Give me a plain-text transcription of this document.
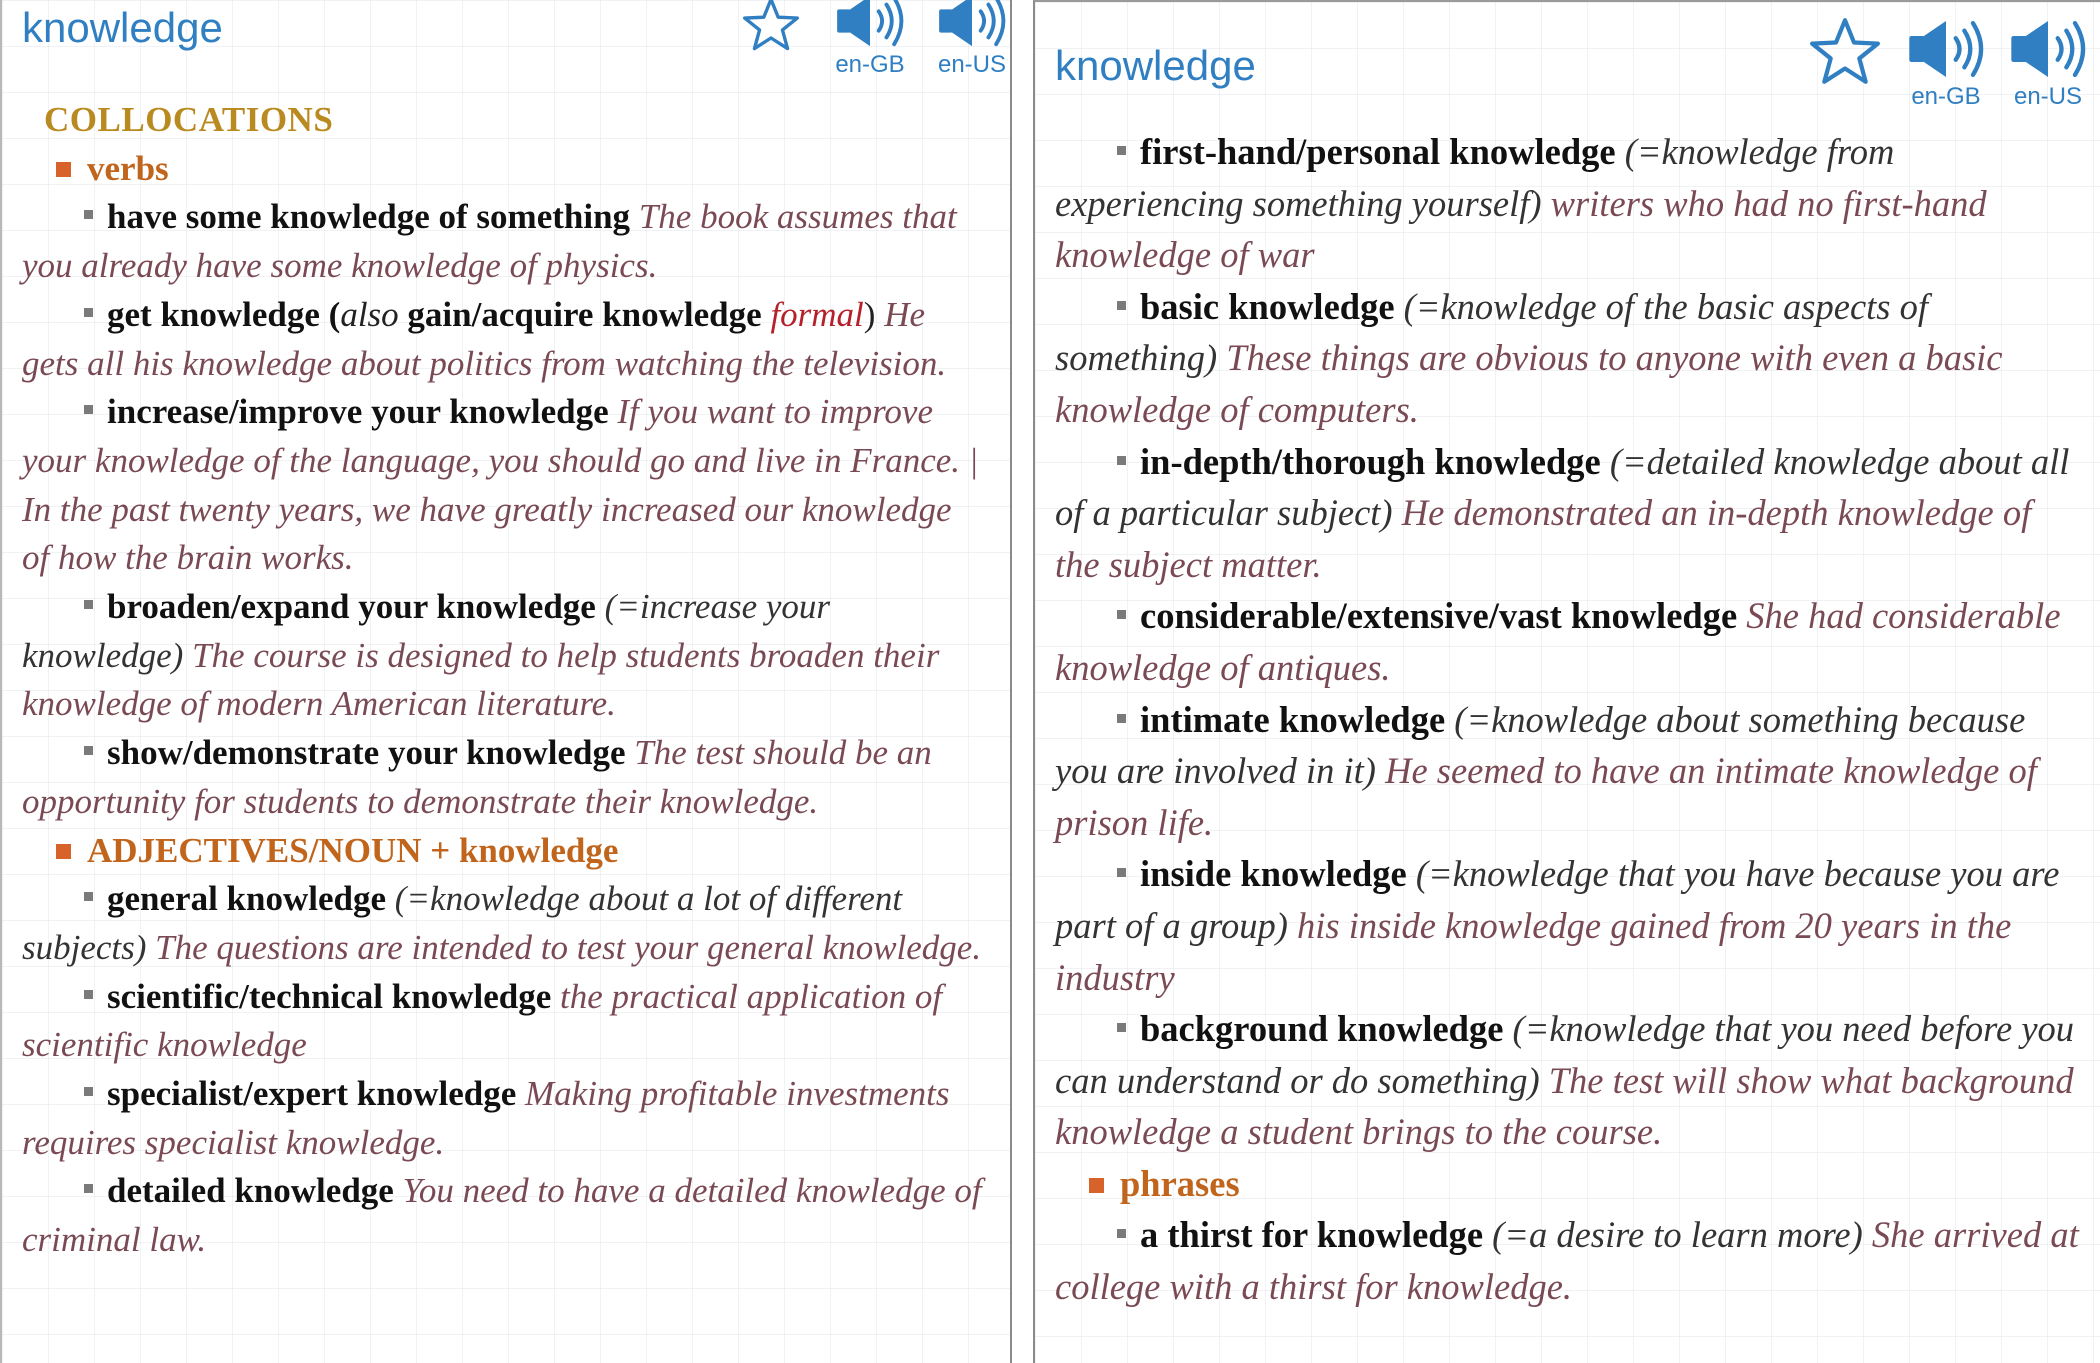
knowledge
en-GB en-US

COLLOCATIONS

verbs

have some knowledge of something The book assumes that you already have some knowledge of physics.

get knowledge (also gain/acquire knowledge formal) He gets all his knowledge about politics from watching the television.

increase/improve your knowledge If you want to improve your knowledge of the language, you should go and live in France. | In the past twenty years, we have greatly increased our knowledge of how the brain works.

broaden/expand your knowledge (=increase your knowledge) The course is designed to help students broaden their knowledge of modern American literature.

show/demonstrate your knowledge The test should be an opportunity for students to demonstrate their knowledge.

ADJECTIVES/NOUN + knowledge

general knowledge (=knowledge about a lot of different subjects) The questions are intended to test your general knowledge.

scientific/technical knowledge the practical application of scientific knowledge

specialist/expert knowledge Making profitable investments requires specialist knowledge.

detailed knowledge You need to have a detailed knowledge of criminal law.

knowledge
en-GB en-US

first-hand/personal knowledge (=knowledge from experiencing something yourself) writers who had no first-hand knowledge of war

basic knowledge (=knowledge of the basic aspects of something) These things are obvious to anyone with even a basic knowledge of computers.

in-depth/thorough knowledge (=detailed knowledge about all of a particular subject) He demonstrated an in-depth knowledge of the subject matter.

considerable/extensive/vast knowledge She had considerable knowledge of antiques.

intimate knowledge (=knowledge about something because you are involved in it) He seemed to have an intimate knowledge of prison life.

inside knowledge (=knowledge that you have because you are part of a group) his inside knowledge gained from 20 years in the industry

background knowledge (=knowledge that you need before you can understand or do something) The test will show what background knowledge a student brings to the course.

phrases

a thirst for knowledge (=a desire to learn more) She arrived at college with a thirst for knowledge.
